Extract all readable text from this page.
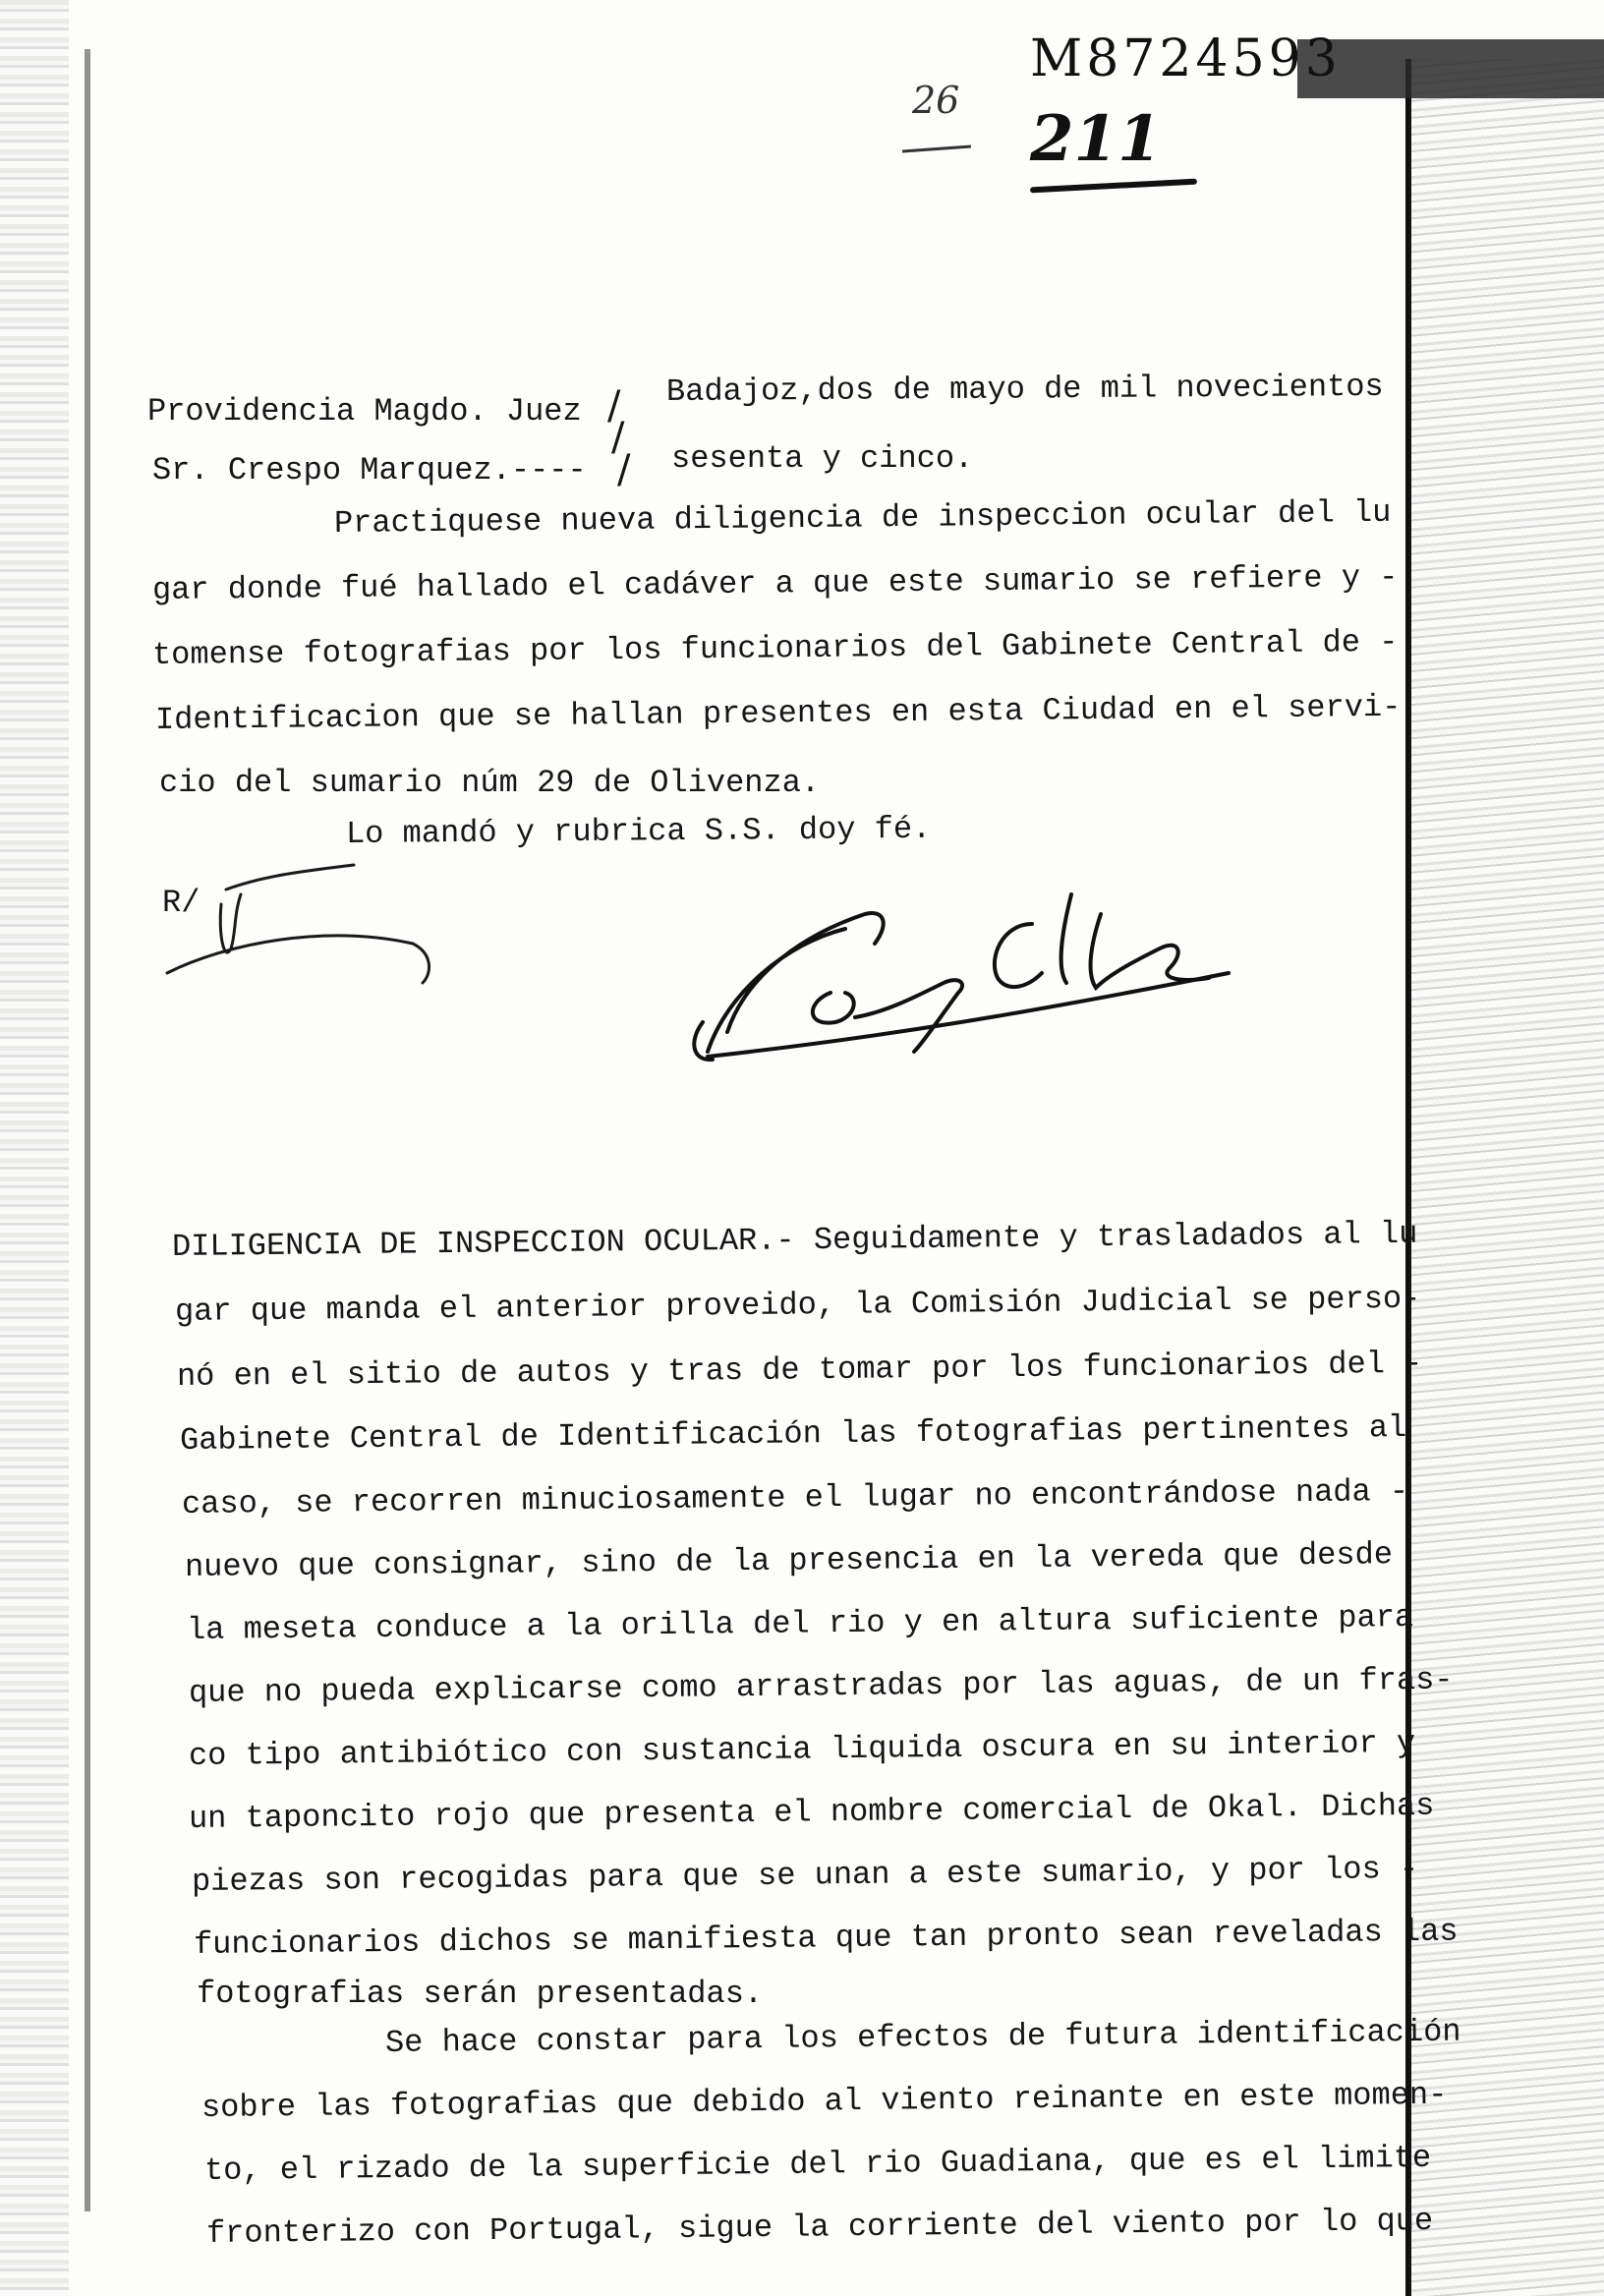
M8724593
26
211
Providencia Magdo. Juez
Sr. Crespo Marquez.----
/
/
/
Badajoz,dos de mayo de mil novecientos
sesenta y cinco.
Practiquese nueva diligencia de inspeccion ocular del lu
gar donde fué hallado el cadáver a que este sumario se refiere y -
tomense fotografias por los funcionarios del Gabinete Central de -
Identificacion que se hallan presentes en esta Ciudad en el servi-
cio del sumario núm 29 de Olivenza.
Lo mandó y rubrica S.S. doy fé.
R/
DILIGENCIA DE INSPECCION OCULAR.- Seguidamente y trasladados al lu
gar que manda el anterior proveido, la Comisión Judicial se perso-
nó en el sitio de autos y tras de tomar por los funcionarios del -
Gabinete Central de Identificación las fotografias pertinentes al
caso, se recorren minuciosamente el lugar no encontrándose nada -
nuevo que consignar, sino de la presencia en la vereda que desde
la meseta conduce a la orilla del rio y en altura suficiente para
que no pueda explicarse como arrastradas por las aguas, de un fras-
co tipo antibiótico con sustancia liquida oscura en su interior y
un taponcito rojo que presenta el nombre comercial de Okal. Dichas
piezas son recogidas para que se unan a este sumario, y por los -
funcionarios dichos se manifiesta que tan pronto sean reveladas las
fotografias serán presentadas.
Se hace constar para los efectos de futura identificación
sobre las fotografias que debido al viento reinante en este momen-
to, el rizado de la superficie del rio Guadiana, que es el limite
fronterizo con Portugal, sigue la corriente del viento por lo que
